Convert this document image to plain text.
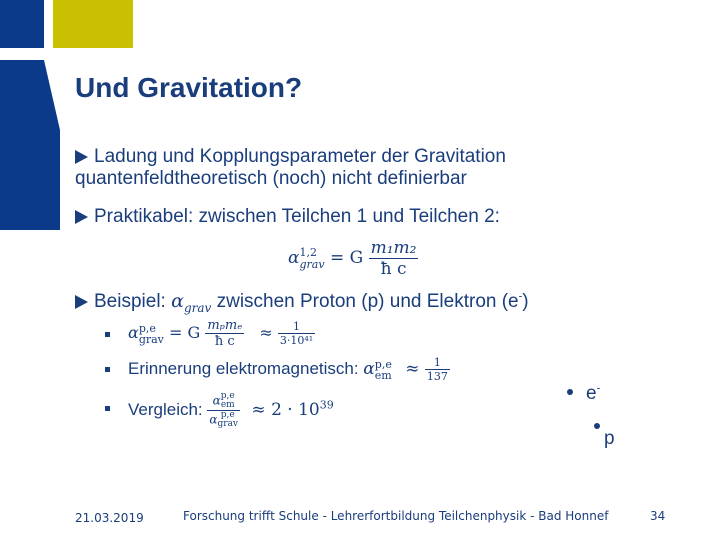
Und Gravitation?
Ladung und Kopplungsparameter der Gravitation quantenfeldtheoretisch (noch) nicht definierbar
Praktikabel: zwischen Teilchen 1 und Teilchen 2:
α 1,2
grav = G $\frac{\text{m₁m₂}}{\text{ħ c}}$
Beispiel: $\alpha_{grav}$ zwischen Proton (p) und Elektron (e-)
α p,e
grav = G $\frac{\text{mₚmₑ}}{\text{ħ c}} \approx \frac{1}{\text{3·10⁴¹}}$
Erinnerung elektromagnetisch: α p,e
em ≈ $\frac{1}{137}$
Vergleich: α p,e
em
α p,e
grav ≈ $2 \cdot 10^{39}$
e-
p
21.03.2019	Forschung trifft Schule - Lehrerfortbildung Teilchenphysik - Bad Honnef	34
